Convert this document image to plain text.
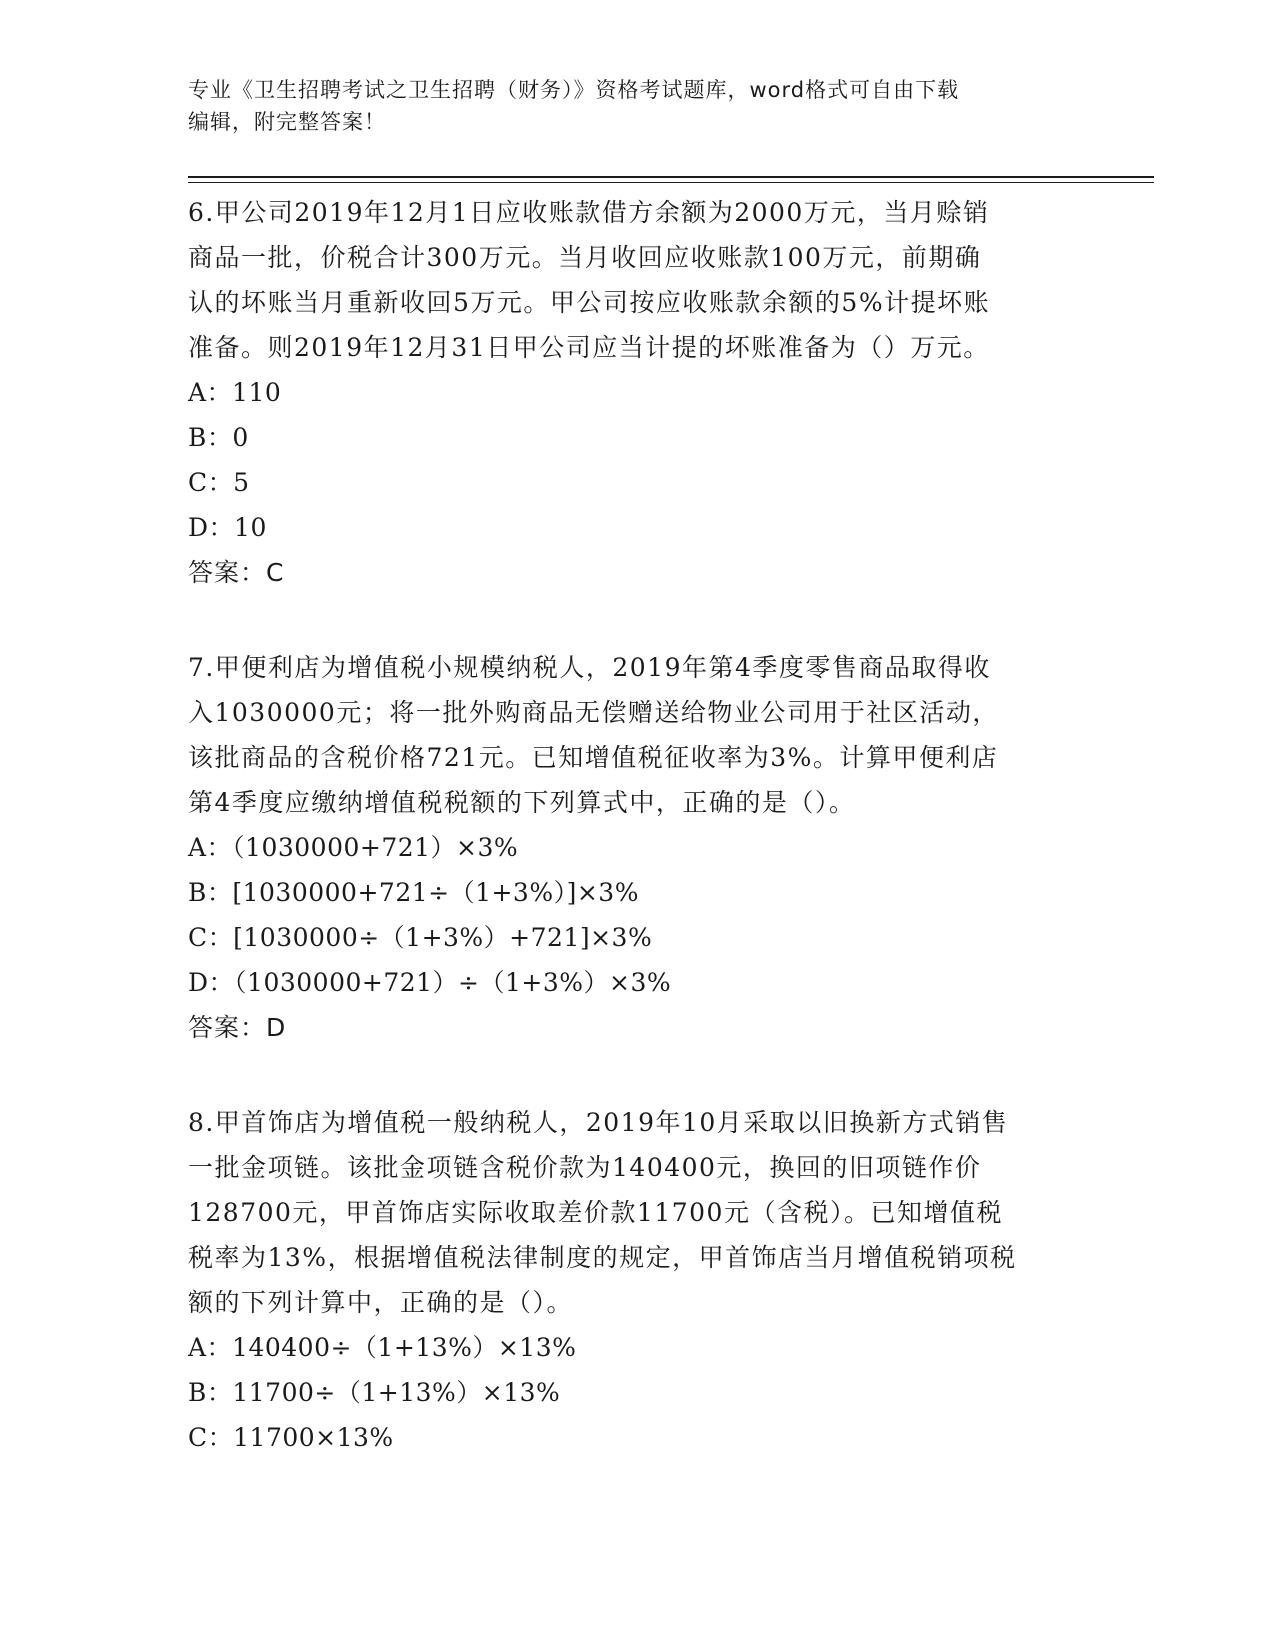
专业《卫生招聘考试之卫生招聘（财务）》资格考试题库，word格式可自由下载
编辑，附完整答案！

6.甲公司2019年12月1日应收账款借方余额为2000万元，当月赊销

商品一批，价税合计300万元。当月收回应收账款100万元，前期确

认的坏账当月重新收回5万元。甲公司按应收账款余额的5%计提坏账

准备。则2019年12月31日甲公司应当计提的坏账准备为（）万元。

A：110

B：0

C：5

D：10

答案：C

7.甲便利店为增值税小规模纳税人，2019年第4季度零售商品取得收

入1030000元；将一批外购商品无偿赠送给物业公司用于社区活动，

该批商品的含税价格721元。已知增值税征收率为3%。计算甲便利店

第4季度应缴纳增值税税额的下列算式中，正确的是（）。

A：（1030000+721）×3%

B：[1030000+721÷（1+3%）]×3%

C：[1030000÷（1+3%）+721]×3%

D：（1030000+721）÷（1+3%）×3%

答案：D

8.甲首饰店为增值税一般纳税人，2019年10月采取以旧换新方式销售

一批金项链。该批金项链含税价款为140400元，换回的旧项链作价

128700元，甲首饰店实际收取差价款11700元（含税）。已知增值税

税率为13%，根据增值税法律制度的规定，甲首饰店当月增值税销项税

额的下列计算中，正确的是（）。

A：140400÷（1+13%）×13%

B：11700÷（1+13%）×13%

C：11700×13%
